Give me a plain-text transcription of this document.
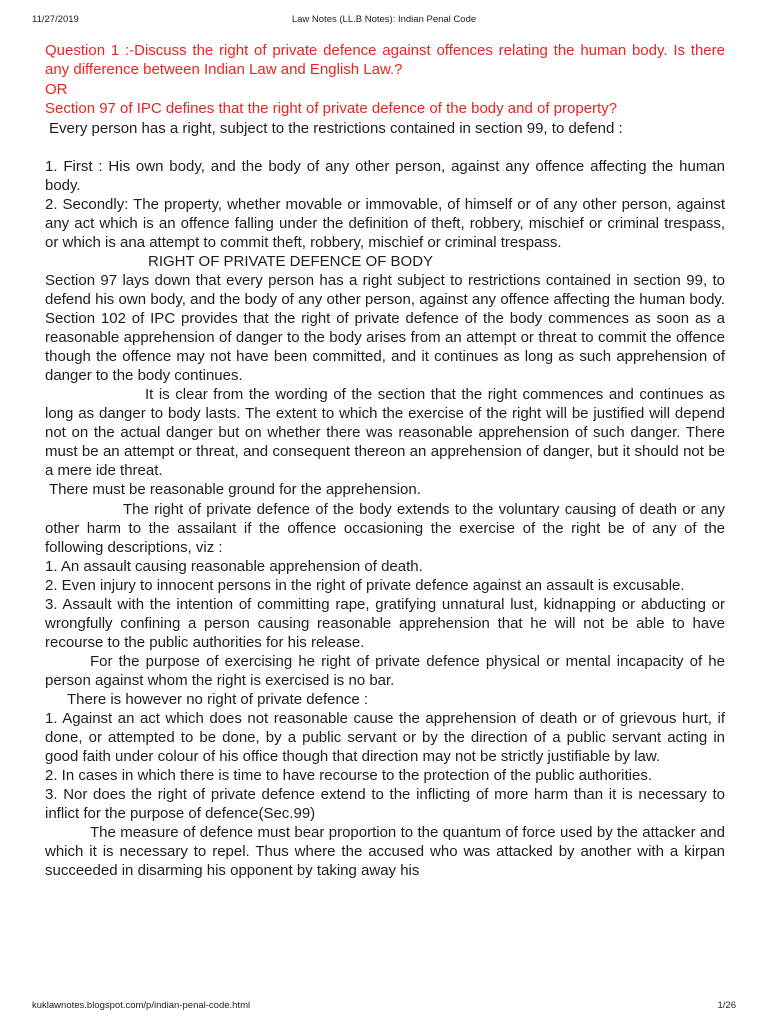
11/27/2019	Law Notes (LL.B Notes): Indian Penal Code

Question 1 :-Discuss the right of private defence against offences relating the human body. Is there any difference between Indian Law and English Law.?

OR

Section 97 of IPC defines that the right of private defence of the body and of property?

Every person has a right, subject to the restrictions contained in section 99, to defend :

1. First : His own body, and the body of any other person, against any offence affecting the human body.

2. Secondly: The property, whether movable or immovable, of himself or of any other person, against any act which is an offence falling under the definition of theft, robbery, mischief or criminal trespass, or which is ana attempt to commit theft, robbery, mischief or criminal trespass.

RIGHT OF PRIVATE DEFENCE OF BODY

Section 97 lays down that every person has a right subject to restrictions contained in section 99, to defend his own body, and the body of any other person, against any offence affecting the human body. Section 102 of IPC provides that the right of private defence of the body commences as soon as a reasonable apprehension of danger to the body arises from an attempt or threat to commit the offence though the offence may not have been committed, and it continues as long as such apprehension of danger to the body continues.

It is clear from the wording of the section that the right commences and continues as long as danger to body lasts. The extent to which the exercise of the right will be justified will depend not on the actual danger but on whether there was reasonable apprehension of such danger. There must be an attempt or threat, and consequent thereon an apprehension of danger, but it should not be a mere ide threat.

There must be reasonable ground for the apprehension.

The right of private defence of the body extends to the voluntary causing of death or any other harm to the assailant if the offence occasioning the exercise of the right be of any of the following descriptions, viz :

1. An assault causing reasonable apprehension of death.

2. Even injury to innocent persons in the right of private defence against an assault is excusable.

3. Assault with the intention of committing rape, gratifying unnatural lust, kidnapping or abducting or wrongfully confining a person causing reasonable apprehension that he will not be able to have recourse to the public authorities for his release.

For the purpose of exercising he right of private defence physical or mental incapacity of he person against whom the right is exercised is no bar.

There is however no right of private defence :

1. Against an act which does not reasonable cause the apprehension of death or of grievous hurt, if done, or attempted to be done, by a public servant or by the direction of a public servant acting in good faith under colour of his office though that direction may not be strictly justifiable by law.

2. In cases in which there is time to have recourse to the protection of the public authorities.

3. Nor does the right of private defence extend to the inflicting of more harm than it is necessary to inflict for the purpose of defence(Sec.99)

The measure of defence must bear proportion to the quantum of force used by the attacker and which it is necessary to repel. Thus where the accused who was attacked by another with a kirpan succeeded in disarming his opponent by taking away his

kuklawnotes.blogspot.com/p/indian-penal-code.html	1/26
